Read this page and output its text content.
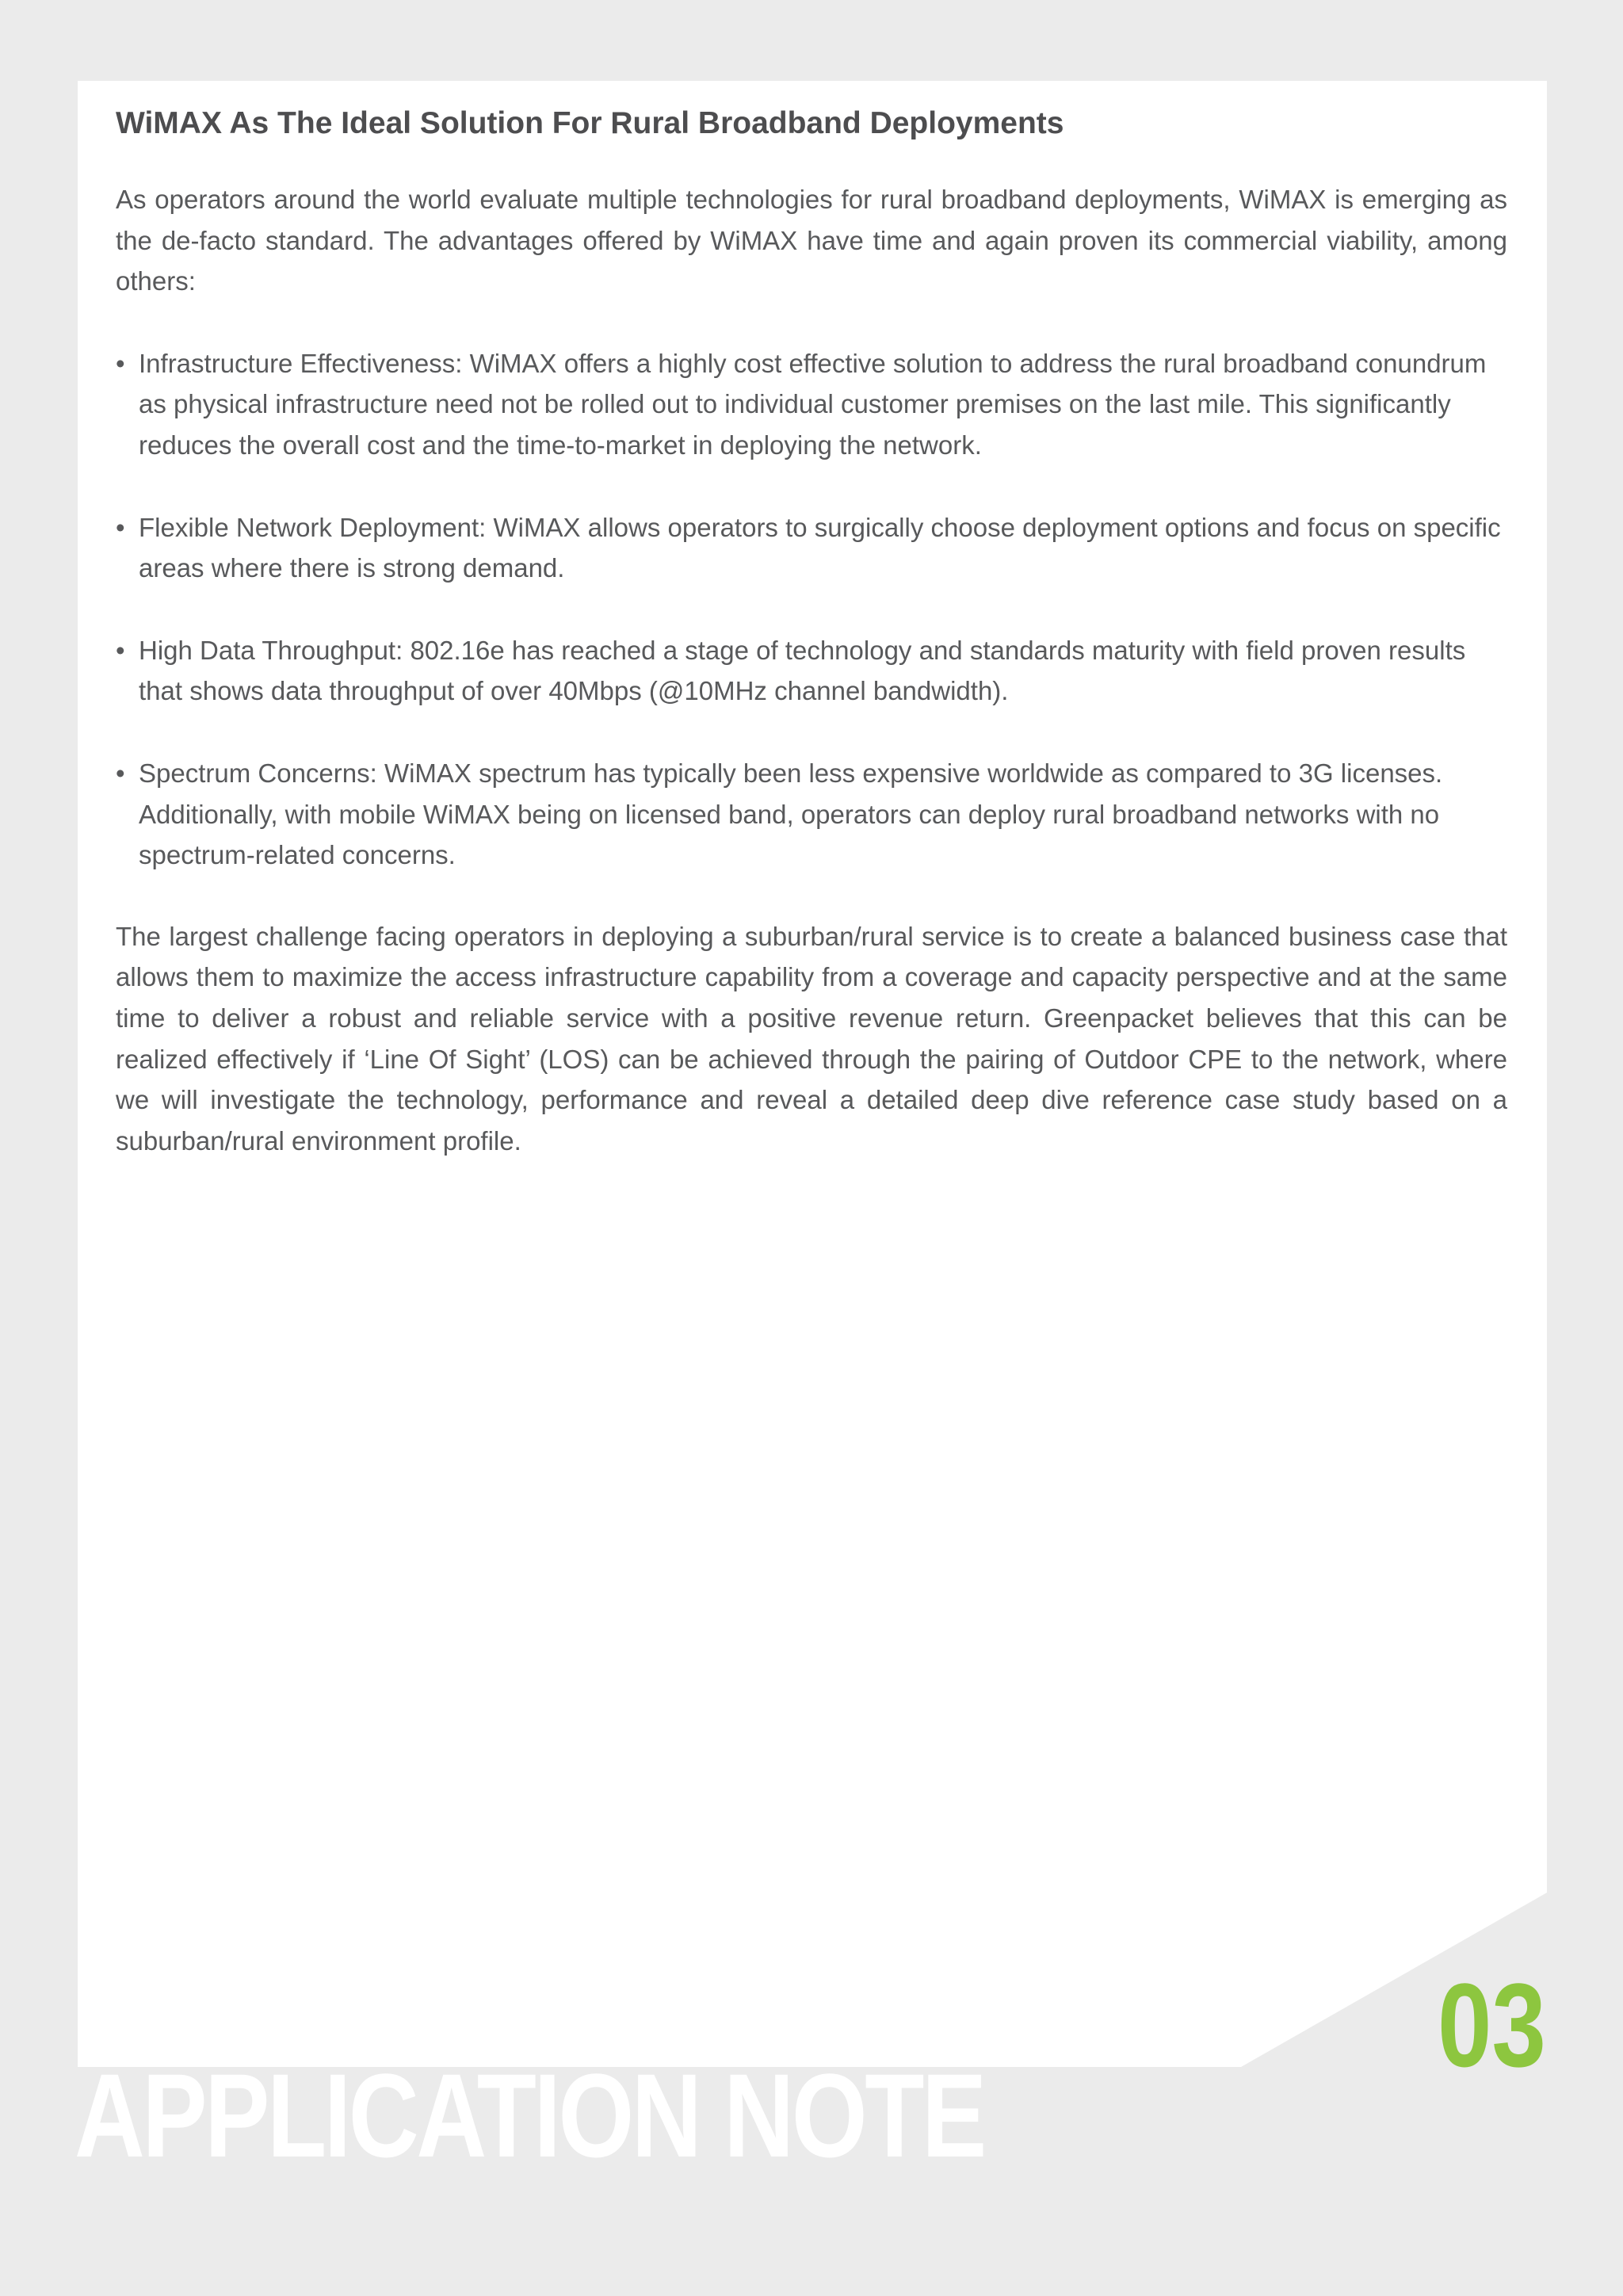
WiMAX As The Ideal Solution For Rural Broadband Deployments

As operators around the world evaluate multiple technologies for rural broadband deployments, WiMAX is emerging as the de-facto standard. The advantages offered by WiMAX have time and again proven its commercial viability, among others:

• Infrastructure Effectiveness: WiMAX offers a highly cost effective solution to address the rural broadband conundrum as physical infrastructure need not be rolled out to individual customer premises on the last mile. This significantly reduces the overall cost and the time-to-market in deploying the network.
• Flexible Network Deployment: WiMAX allows operators to surgically choose deployment options and focus on specific areas where there is strong demand.
• High Data Throughput: 802.16e has reached a stage of technology and standards maturity with field proven results that shows data throughput of over 40Mbps (@10MHz channel bandwidth).
• Spectrum Concerns: WiMAX spectrum has typically been less expensive worldwide as compared to 3G licenses. Additionally, with mobile WiMAX being on licensed band, operators can deploy rural broadband networks with no spectrum-related concerns.

The largest challenge facing operators in deploying a suburban/rural service is to create a balanced business case that allows them to maximize the access infrastructure capability from a coverage and capacity perspective and at the same time to deliver a robust and reliable service with a positive revenue return. Greenpacket believes that this can be realized effectively if ‘Line Of Sight’ (LOS) can be achieved through the pairing of Outdoor CPE to the network, where we will investigate the technology, performance and reveal a detailed deep dive reference case study based on a suburban/rural environment profile.

APPLICATION NOTE
03
